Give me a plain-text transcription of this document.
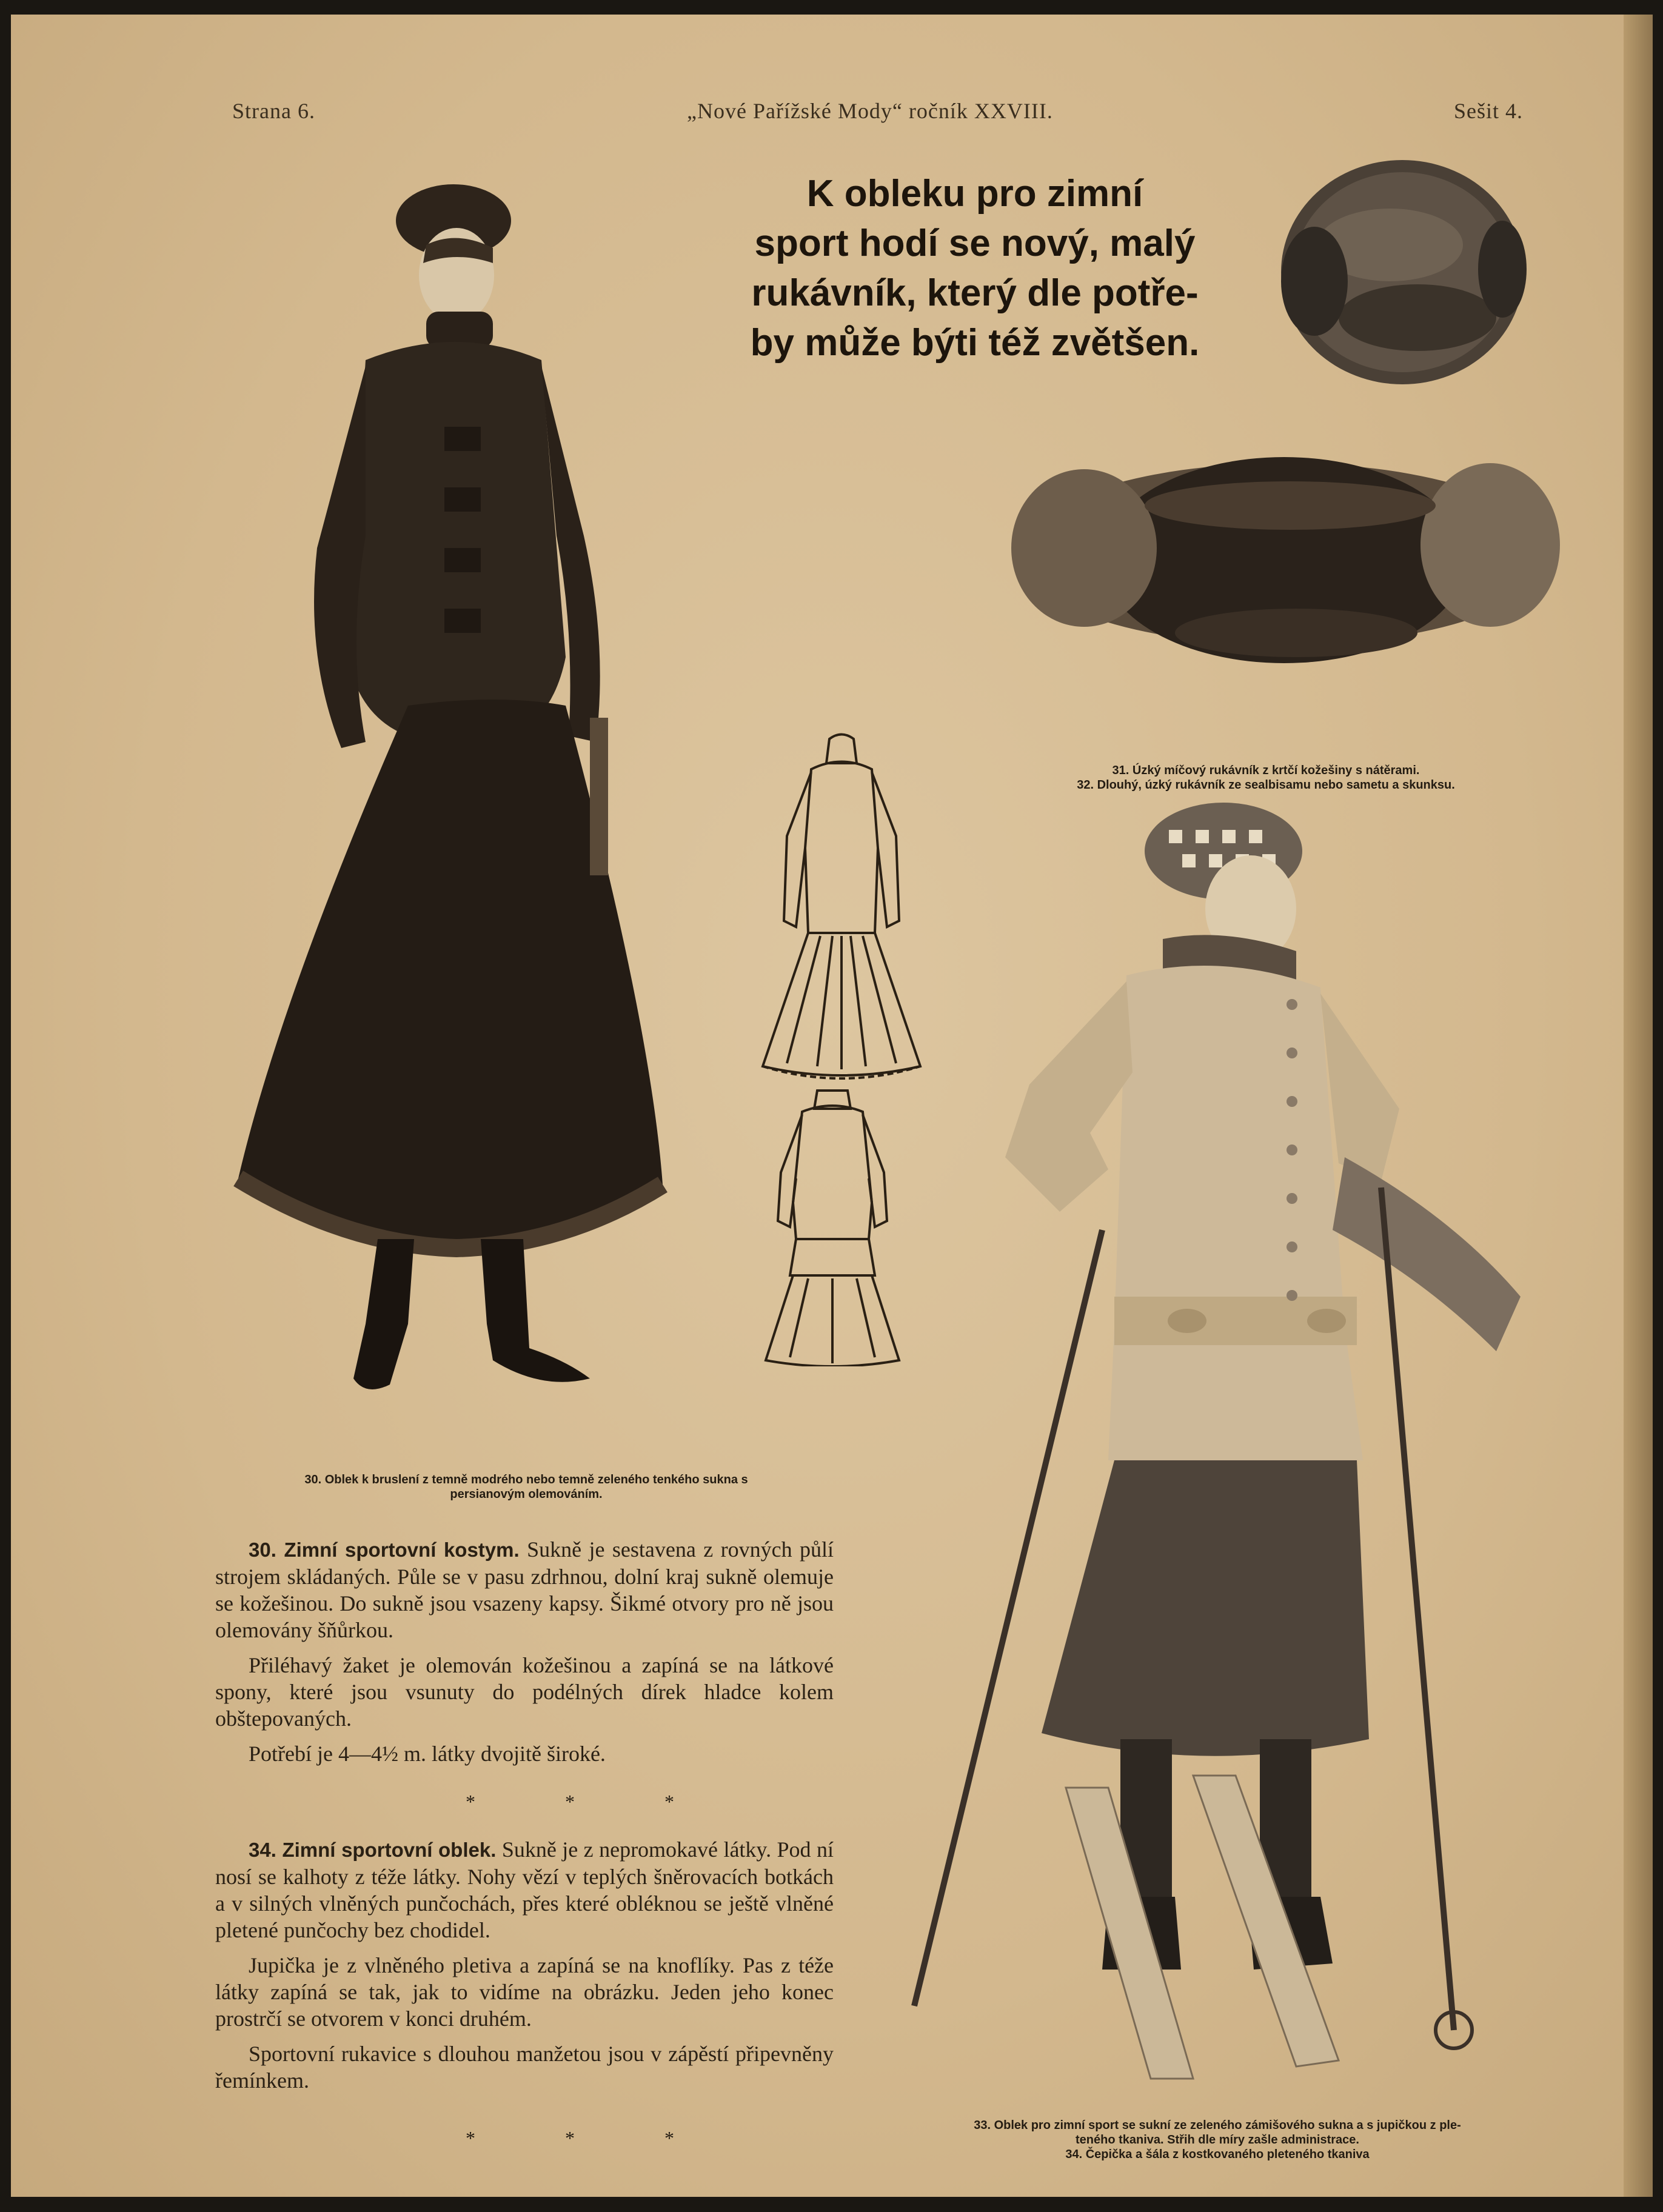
Strana 6.	„Nové Pařížské Mody“ ročník XXVIII.	Sešit 4.
K obleku pro zimní
sport hodí se nový, malý
rukávník, který dle potře-
by může býti též zvětšen.
31. Úzký míčový rukávník z krtčí kožešiny s nátěrami.
32. Dlouhý, úzký rukávník ze sealbisamu nebo sametu a skunksu.
30. Oblek k bruslení z temně modrého nebo temně zeleného tenkého sukna s
persianovým olemováním.
33. Oblek pro zimní sport se sukní ze zeleného zámišového sukna a s jupičkou z ple-
teného tkaniva. Střih dle míry zašle administrace.
34. Čepička a šála z kostkovaného pleteného tkaniva

30. Zimní sportovní kostym. Sukně je sestavena z rovných půlí strojem skládaných. Půle se v pasu zdrhnou, dolní kraj sukně olemuje se kožešinou. Do sukně jsou vsazeny kapsy. Šikmé otvory pro ně jsou olemovány šňůrkou.

Přiléhavý žaket je olemován kožešinou a zapíná se na látkové spony, které jsou vsunuty do podélných dírek hladce kolem obštepovaných.

Potřebí je 4—4½ m. látky dvojitě široké.

* * *

34. Zimní sportovní oblek. Sukně je z nepromokavé látky. Pod ní nosí se kalhoty z téže látky. Nohy vězí v teplých šněrovacích botkách a v silných vlněných punčochách, přes které obléknou se ještě vlněné pletené punčochy bez chodidel.

Jupička je z vlněného pletiva a zapíná se na knoflíky. Pas z téže látky zapíná se tak, jak to vidíme na obrázku. Jeden jeho konec prostrčí se otvorem v konci druhém.

Sportovní rukavice s dlouhou manžetou jsou v zápěstí připevněny řemínkem.

* * *
